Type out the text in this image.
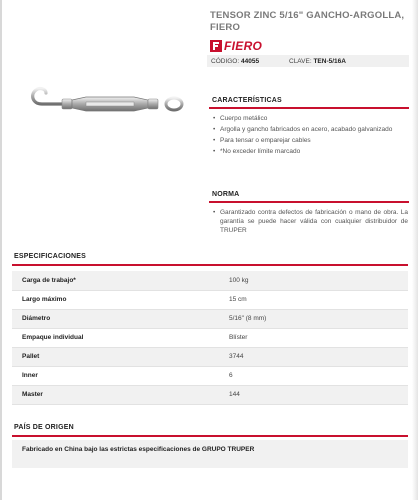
TENSOR ZINC 5/16" GANCHO-ARGOLLA, FIERO
FIERO
CÓDIGO: 44055	CLAVE: TEN-5/16A
CARACTERÍSTICAS
• Cuerpo metálico
• Argolla y gancho fabricados en acero, acabado galvanizado
• Para tensar o emparejar cables
• *No exceder límite marcado
NORMA
• Garantizado contra defectos de fabricación o mano de obra. La garantía se puede hacer válida con cualquier distribuidor de TRUPER
ESPECIFICACIONES
Carga de trabajo*	100 kg
Largo máximo	15 cm
Diámetro	5/16" (8 mm)
Empaque individual	Blíster
Pallet	3744
Inner	6
Master	144
PAÍS DE ORIGEN
Fabricado en China bajo las estrictas especificaciones de GRUPO TRUPER
